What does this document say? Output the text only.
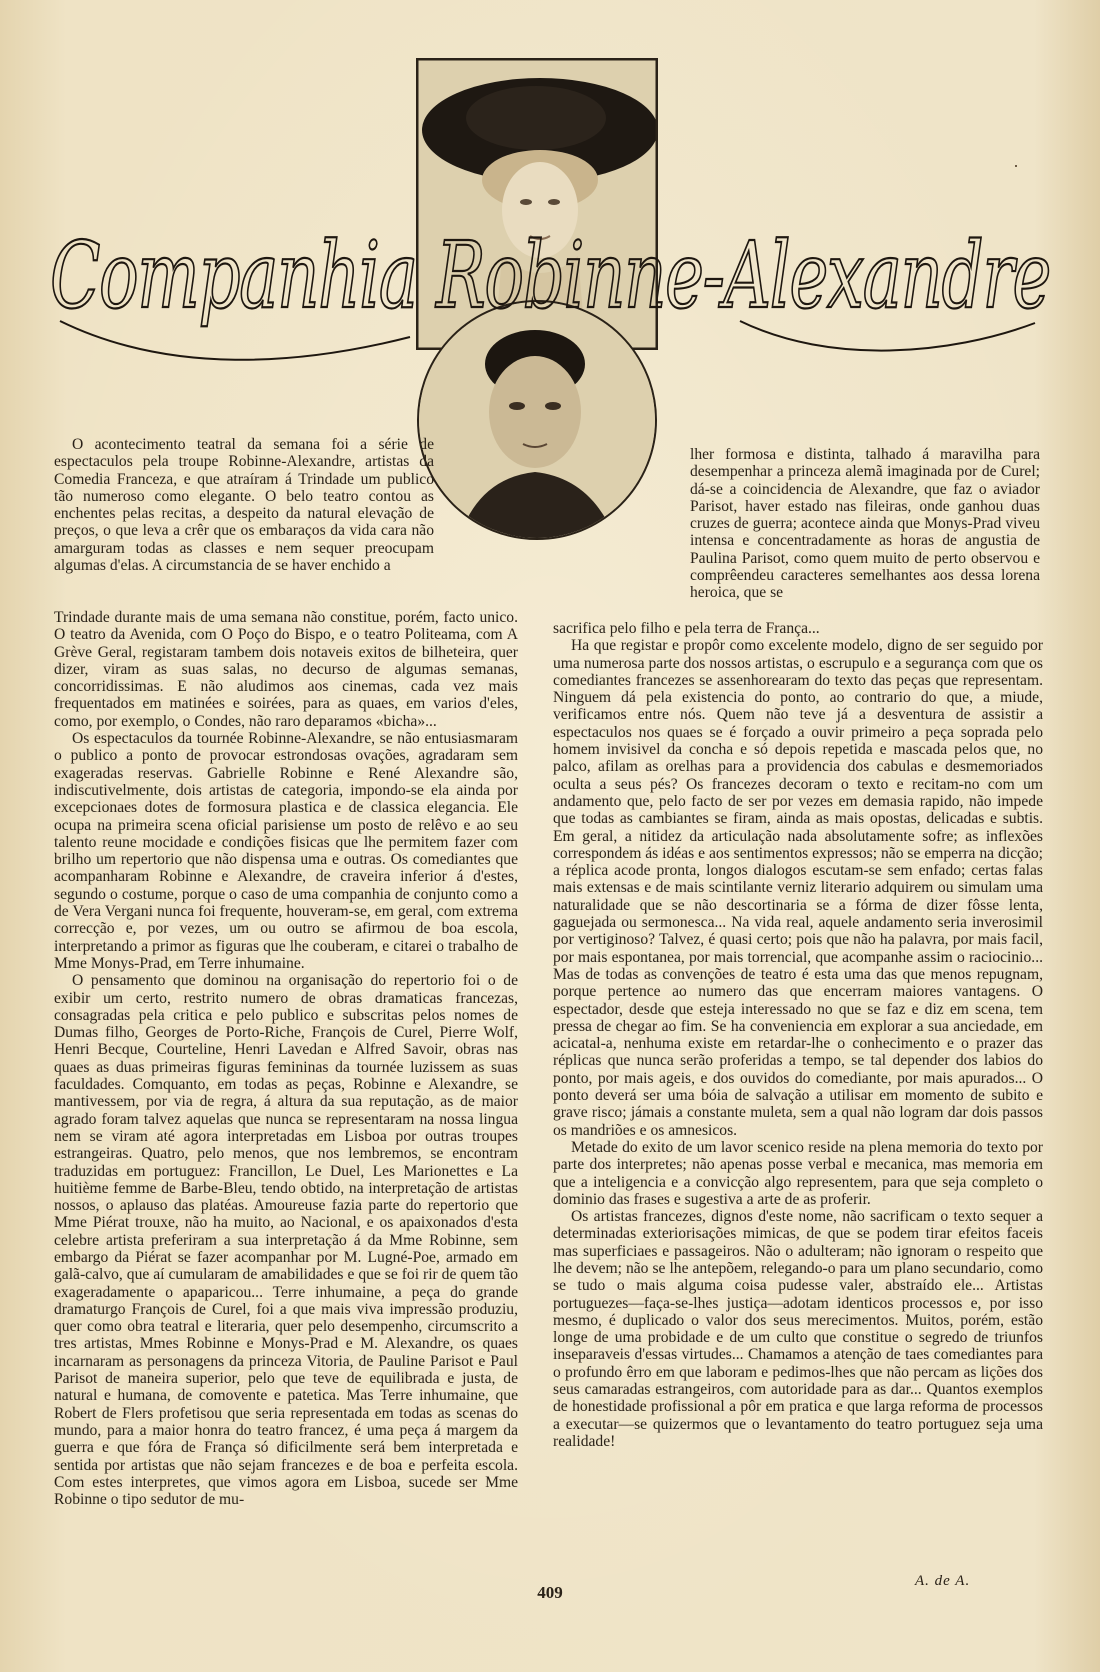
Companhia Robinne-Alexandre

O acontecimento teatral da semana foi a série de espectaculos pela troupe Robinne-Alexandre, artistas da Comedia Franceza, e que atraíram á Trindade um publico tão numeroso como elegante. O belo teatro contou as enchentes pelas recitas, a despeito da natural elevação de preços, o que leva a crêr que os embaraços da vida cara não amarguram todas as classes e nem sequer preocupam algumas d'elas. A circumstancia de se haver enchido a

Trindade durante mais de uma semana não constitue, porém, facto unico. O teatro da Avenida, com O Poço do Bispo, e o teatro Politeama, com A Grève Geral, registaram tambem dois notaveis exitos de bilheteira, quer dizer, viram as suas salas, no decurso de algumas semanas, concorridissimas. E não aludimos aos cinemas, cada vez mais frequentados em matinées e soirées, para as quaes, em varios d'eles, como, por exemplo, o Condes, não raro deparamos «bicha»...

Os espectaculos da tournée Robinne-Alexandre, se não entusiasmaram o publico a ponto de provocar estrondosas ovações, agradaram sem exageradas reservas. Gabrielle Robinne e René Alexandre são, indiscutivelmente, dois artistas de categoria, impondo-se ela ainda por excepcionaes dotes de formosura plastica e de classica elegancia. Ele ocupa na primeira scena oficial parisiense um posto de relêvo e ao seu talento reune mocidade e condições fisicas que lhe permitem fazer com brilho um repertorio que não dispensa uma e outras. Os comediantes que acompanharam Robinne e Alexandre, de craveira inferior á d'estes, segundo o costume, porque o caso de uma companhia de conjunto como a de Vera Vergani nunca foi frequente, houveram-se, em geral, com extrema correcção e, por vezes, um ou outro se afirmou de boa escola, interpretando a primor as figuras que lhe couberam, e citarei o trabalho de Mme Monys-Prad, em Terre inhumaine.

O pensamento que dominou na organisação do repertorio foi o de exibir um certo, restrito numero de obras dramaticas francezas, consagradas pela critica e pelo publico e subscritas pelos nomes de Dumas filho, Georges de Porto-Riche, François de Curel, Pierre Wolf, Henri Becque, Courteline, Henri Lavedan e Alfred Savoir, obras nas quaes as duas primeiras figuras femininas da tournée luzissem as suas faculdades. Comquanto, em todas as peças, Robinne e Alexandre, se mantivessem, por via de regra, á altura da sua reputação, as de maior agrado foram talvez aquelas que nunca se representaram na nossa lingua nem se viram até agora interpretadas em Lisboa por outras troupes estrangeiras. Quatro, pelo menos, que nos lembremos, se encontram traduzidas em portuguez: Francillon, Le Duel, Les Marionettes e La huitième femme de Barbe-Bleu, tendo obtido, na interpretação de artistas nossos, o aplauso das platéas. Amoureuse fazia parte do repertorio que Mme Piérat trouxe, não ha muito, ao Nacional, e os apaixonados d'esta celebre artista preferiram a sua interpretação á da Mme Robinne, sem embargo da Piérat se fazer acompanhar por M. Lugné-Poe, armado em galã-calvo, que aí cumularam de amabilidades e que se foi rir de quem tão exageradamente o apaparicou... Terre inhumaine, a peça do grande dramaturgo François de Curel, foi a que mais viva impressão produziu, quer como obra teatral e literaria, quer pelo desempenho, circumscrito a tres artistas, Mmes Robinne e Monys-Prad e M. Alexandre, os quaes incarnaram as personagens da princeza Vitoria, de Pauline Parisot e Paul Parisot de maneira superior, pelo que teve de equilibrada e justa, de natural e humana, de comovente e patetica. Mas Terre inhumaine, que Robert de Flers profetisou que seria representada em todas as scenas do mundo, para a maior honra do teatro francez, é uma peça á margem da guerra e que fóra de França só dificilmente será bem interpretada e sentida por artistas que não sejam francezes e de boa e perfeita escola. Com estes interpretes, que vimos agora em Lisboa, sucede ser Mme Robinne o tipo sedutor de mu-

lher formosa e distinta, talhado á maravilha para desempenhar a princeza alemã imaginada por de Curel; dá-se a coincidencia de Alexandre, que faz o aviador Parisot, haver estado nas fileiras, onde ganhou duas cruzes de guerra; acontece ainda que Monys-Prad viveu intensa e concentradamente as horas de angustia de Paulina Parisot, como quem muito de perto observou e comprêendeu caracteres semelhantes aos dessa lorena heroica, que se

sacrifica pelo filho e pela terra de França...

Ha que registar e propôr como excelente modelo, digno de ser seguido por uma numerosa parte dos nossos artistas, o escrupulo e a segurança com que os comediantes francezes se assenhorearam do texto das peças que representam. Ninguem dá pela existencia do ponto, ao contrario do que, a miude, verificamos entre nós. Quem não teve já a desventura de assistir a espectaculos nos quaes se é forçado a ouvir primeiro a peça soprada pelo homem invisivel da concha e só depois repetida e mascada pelos que, no palco, afilam as orelhas para a providencia dos cabulas e desmemoriados oculta a seus pés? Os francezes decoram o texto e recitam-no com um andamento que, pelo facto de ser por vezes em demasia rapido, não impede que todas as cambiantes se firam, ainda as mais opostas, delicadas e subtis. Em geral, a nitidez da articulação nada absolutamente sofre; as inflexões correspondem ás idéas e aos sentimentos expressos; não se emperra na dicção; a réplica acode pronta, longos dialogos escutam-se sem enfado; certas falas mais extensas e de mais scintilante verniz literario adquirem ou simulam uma naturalidade que se não descortinaria se a fórma de dizer fôsse lenta, gaguejada ou sermonesca... Na vida real, aquele andamento seria inverosimil por vertiginoso? Talvez, é quasi certo; pois que não ha palavra, por mais facil, por mais espontanea, por mais torrencial, que acompanhe assim o raciocinio... Mas de todas as convenções de teatro é esta uma das que menos repugnam, porque pertence ao numero das que encerram maiores vantagens. O espectador, desde que esteja interessado no que se faz e diz em scena, tem pressa de chegar ao fim. Se ha conveniencia em explorar a sua anciedade, em acicatal-a, nenhuma existe em retardar-lhe o conhecimento e o prazer das réplicas que nunca serão proferidas a tempo, se tal depender dos labios do ponto, por mais ageis, e dos ouvidos do comediante, por mais apurados... O ponto deverá ser uma bóia de salvação a utilisar em momento de subito e grave risco; jámais a constante muleta, sem a qual não logram dar dois passos os mandriões e os amnesicos.

Metade do exito de um lavor scenico reside na plena memoria do texto por parte dos interpretes; não apenas posse verbal e mecanica, mas memoria em que a inteligencia e a convicção algo representem, para que seja completo o dominio das frases e sugestiva a arte de as proferir.

Os artistas francezes, dignos d'este nome, não sacrificam o texto sequer a determinadas exteriorisações mimicas, de que se podem tirar efeitos faceis mas superficiaes e passageiros. Não o adulteram; não ignoram o respeito que lhe devem; não se lhe antepõem, relegando-o para um plano secundario, como se tudo o mais alguma coisa pudesse valer, abstraído ele... Artistas portuguezes—faça-se-lhes justiça—adotam identicos processos e, por isso mesmo, é duplicado o valor dos seus merecimentos. Muitos, porém, estão longe de uma probidade e de um culto que constitue o segredo de triunfos inseparaveis d'essas virtudes... Chamamos a atenção de taes comediantes para o profundo êrro em que laboram e pedimos-lhes que não percam as lições dos seus camaradas estrangeiros, com autoridade para as dar... Quantos exemplos de honestidade profissional a pôr em pratica e que larga reforma de processos a executar—se quizermos que o levantamento do teatro portuguez seja uma realidade!

A. de A.
409
